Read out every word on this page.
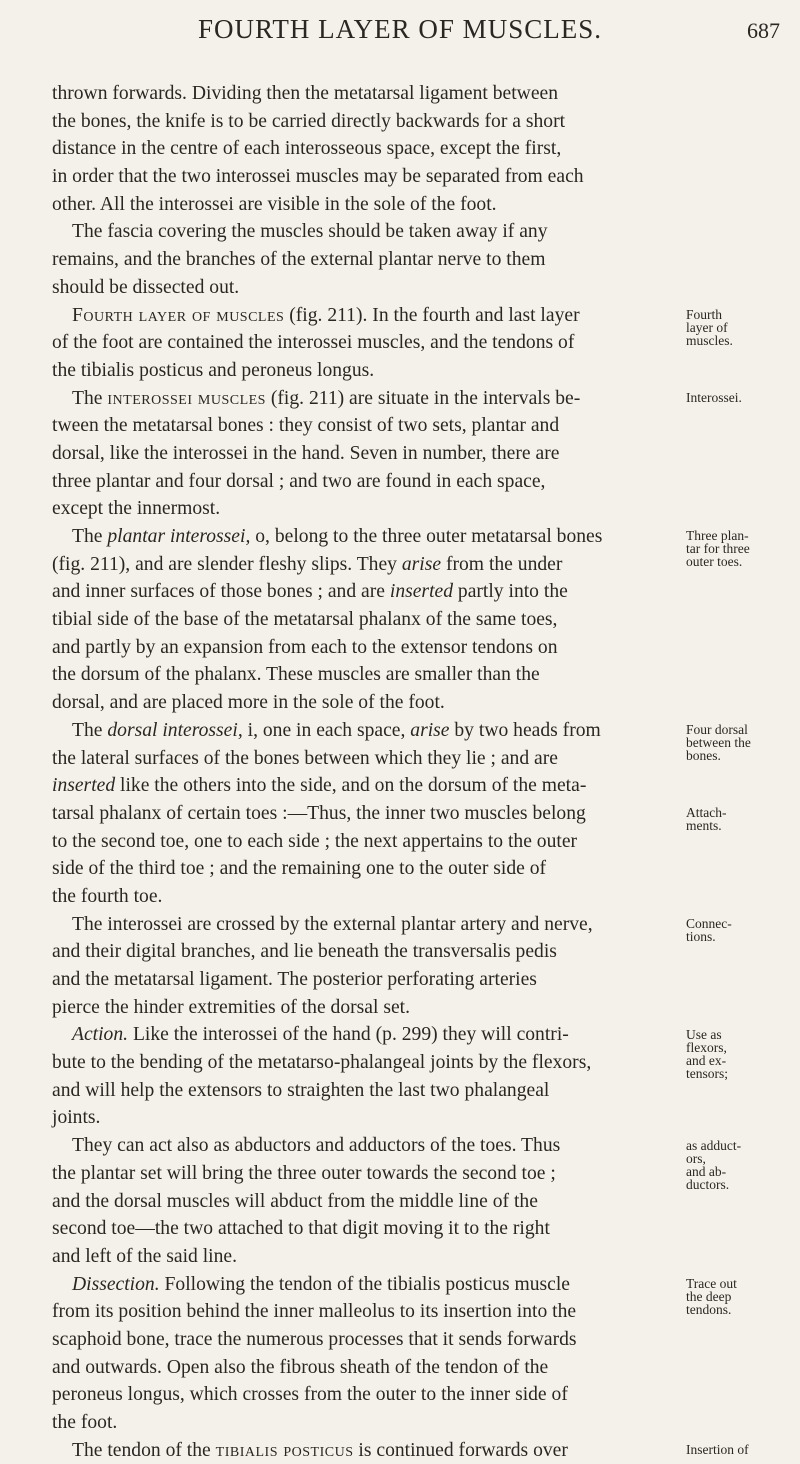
FOURTH LAYER OF MUSCLES.	687
thrown forwards. Dividing then the metatarsal ligament between
the bones, the knife is to be carried directly backwards for a short
distance in the centre of each interosseous space, except the first,
in order that the two interossei muscles may be separated from each
other. All the interossei are visible in the sole of the foot.
The fascia covering the muscles should be taken away if any
remains, and the branches of the external plantar nerve to them
should be dissected out.
Fourth layer of muscles (fig. 211). In the fourth and last layer
of the foot are contained the interossei muscles, and the tendons of
the tibialis posticus and peroneus longus.
The interossei muscles (fig. 211) are situate in the intervals be-
tween the metatarsal bones : they consist of two sets, plantar and
dorsal, like the interossei in the hand. Seven in number, there are
three plantar and four dorsal ; and two are found in each space,
except the innermost.
The plantar interossei, o, belong to the three outer metatarsal bones
(fig. 211), and are slender fleshy slips. They arise from the under
and inner surfaces of those bones ; and are inserted partly into the
tibial side of the base of the metatarsal phalanx of the same toes,
and partly by an expansion from each to the extensor tendons on
the dorsum of the phalanx. These muscles are smaller than the
dorsal, and are placed more in the sole of the foot.
The dorsal interossei, i, one in each space, arise by two heads from
the lateral surfaces of the bones between which they lie ; and are
inserted like the others into the side, and on the dorsum of the meta-
tarsal phalanx of certain toes :—Thus, the inner two muscles belong
to the second toe, one to each side ; the next appertains to the outer
side of the third toe ; and the remaining one to the outer side of
the fourth toe.
The interossei are crossed by the external plantar artery and nerve,
and their digital branches, and lie beneath the transversalis pedis
and the metatarsal ligament. The posterior perforating arteries
pierce the hinder extremities of the dorsal set.
Action. Like the interossei of the hand (p. 299) they will contri-
bute to the bending of the metatarso-phalangeal joints by the flexors,
and will help the extensors to straighten the last two phalangeal
joints.
They can act also as abductors and adductors of the toes. Thus
the plantar set will bring the three outer towards the second toe ;
and the dorsal muscles will abduct from the middle line of the
second toe—the two attached to that digit moving it to the right
and left of the said line.
Dissection. Following the tendon of the tibialis posticus muscle
from its position behind the inner malleolus to its insertion into the
scaphoid bone, trace the numerous processes that it sends forwards
and outwards. Open also the fibrous sheath of the tendon of the
peroneus longus, which crosses from the outer to the inner side of
the foot.
The tendon of the tibialis posticus is continued forwards over
Fourth
layer of
muscles.
Interossei.
Three plan-
tar for three
outer toes.
Four dorsal
between the
bones.
Attach-
ments.
Connec-
tions.
Use as
flexors,
and ex-
tensors;
as adduct-
ors,
and ab-
ductors.
Trace out
the deep
tendons.
Insertion of
